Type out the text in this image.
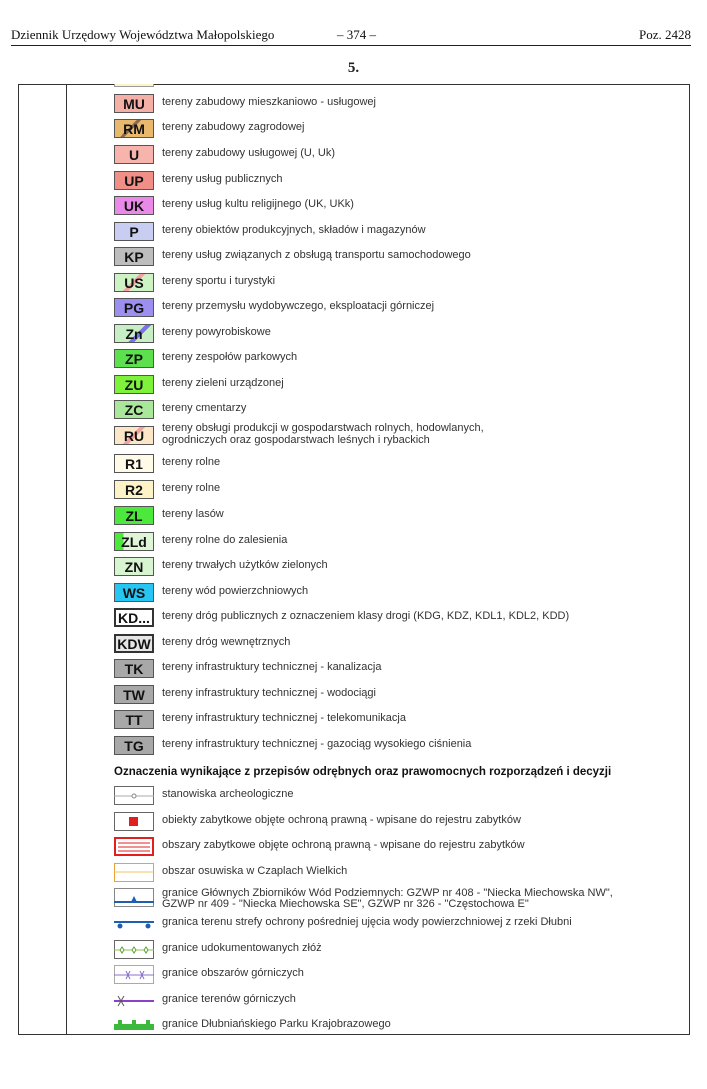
Dziennik Urzędowy Województwa Małopolskiego	– 374 –	Poz. 2428
5.
MU	tereny zabudowy mieszkaniowo - usługowej
RM	tereny zabudowy zagrodowej
U	tereny zabudowy usługowej (U, Uk)
UP	tereny usług publicznych
UK	tereny usług kultu religijnego (UK, UKk)
P	tereny obiektów produkcyjnych, składów i magazynów
KP	tereny usług związanych z obsługą transportu samochodowego
US	tereny sportu i turystyki
PG	tereny przemysłu wydobywczego, eksploatacji górniczej
Zn	tereny powyrobiskowe
ZP	tereny zespołów parkowych
ZU	tereny zieleni urządzonej
ZC	tereny cmentarzy
RU	tereny obsługi produkcji w gospodarstwach rolnych, hodowlanych,
ogrodniczych oraz gospodarstwach leśnych i rybackich
R1	tereny rolne
R2	tereny rolne
ZL	tereny lasów
ZLd	tereny rolne do zalesienia
ZN	tereny trwałych użytków zielonych
WS	tereny wód powierzchniowych
KD...	tereny dróg publicznych z oznaczeniem klasy drogi (KDG, KDZ, KDL1, KDL2, KDD)
KDW tereny dróg wewnętrznych
TK	tereny infrastruktury technicznej - kanalizacja
TW	tereny infrastruktury technicznej - wodociągi
TT	tereny infrastruktury technicznej - telekomunikacja
TG	tereny infrastruktury technicznej - gazociąg wysokiego ciśnienia
Oznaczenia wynikające z przepisów odrębnych oraz prawomocnych rozporządzeń i decyzji
stanowiska archeologiczne
obiekty zabytkowe objęte ochroną prawną - wpisane do rejestru zabytków
obszary zabytkowe objęte ochroną prawną - wpisane do rejestru zabytków
obszar osuwiska w Czaplach Wielkich
granice Głównych Zbiorników Wód Podziemnych: GZWP nr 408 - "Niecka Miechowska NW",
GZWP nr 409 - "Niecka Miechowska SE", GZWP nr 326 - "Częstochowa E"
granica terenu strefy ochrony pośredniej ujęcia wody powierzchniowej z rzeki Dłubni
granice udokumentowanych złóż
granice obszarów górniczych
granice terenów górniczych
granice Dłubniańskiego Parku Krajobrazowego
